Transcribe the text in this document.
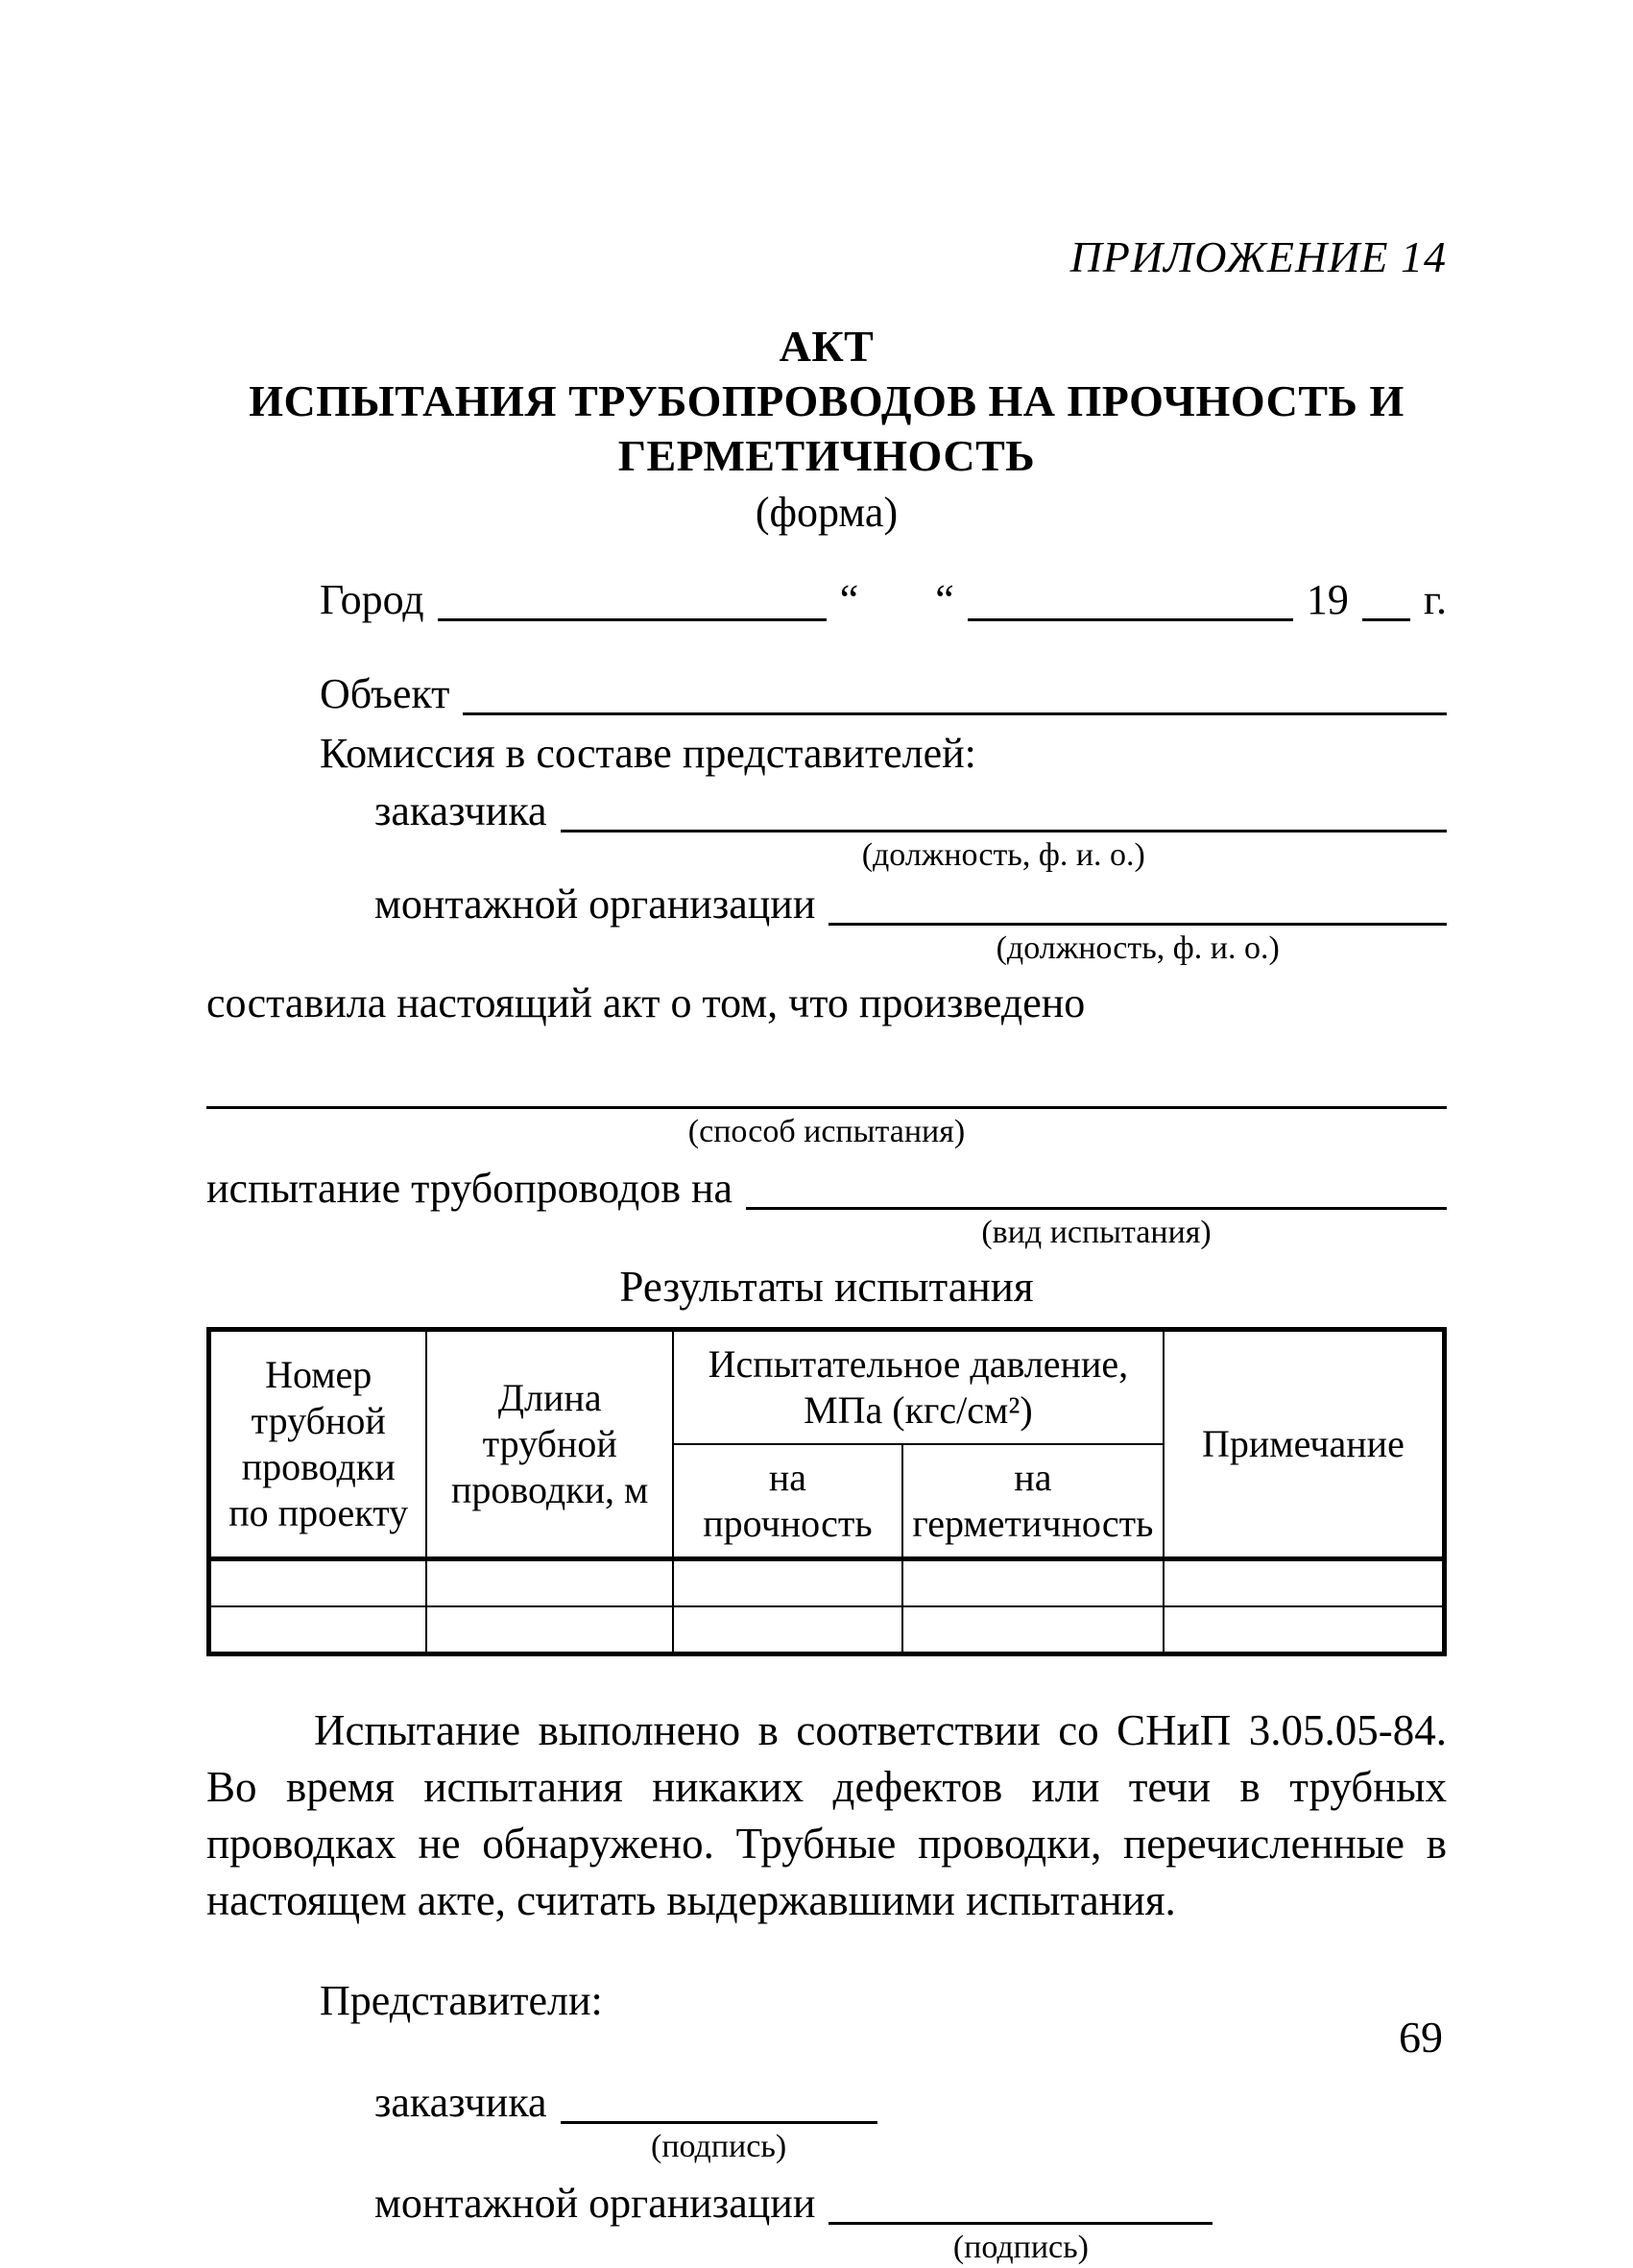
ПРИЛОЖЕНИЕ 14
АКТ
ИСПЫТАНИЯ ТРУБОПРОВОДОВ НА ПРОЧНОСТЬ И
ГЕРМЕТИЧНОСТЬ
(форма)
Город	“ “	19 г.
Объект
Комиссия в составе представителей:
заказчика
(должность, ф. и. о.)
монтажной организации
(должность, ф. и. о.)
составила настоящий акт о том, что произведено
(способ испытания)
испытание трубопроводов на
(вид испытания)
Результаты испытания
Номер трубной проводки по проекту	Длина трубной проводки, м	Испытательное давление, МПа (кгс/см²)		Примечание
		на прочность	на герметичность	

Испытание выполнено в соответствии со СНиП 3.05.05-84. Во время испытания никаких дефектов или течи в трубных проводках не обнаружено. Трубные проводки, перечисленные в настоящем акте, считать выдержавшими испытания.

Представители:
заказчика
(подпись)
монтажной организации
(подпись)
69
